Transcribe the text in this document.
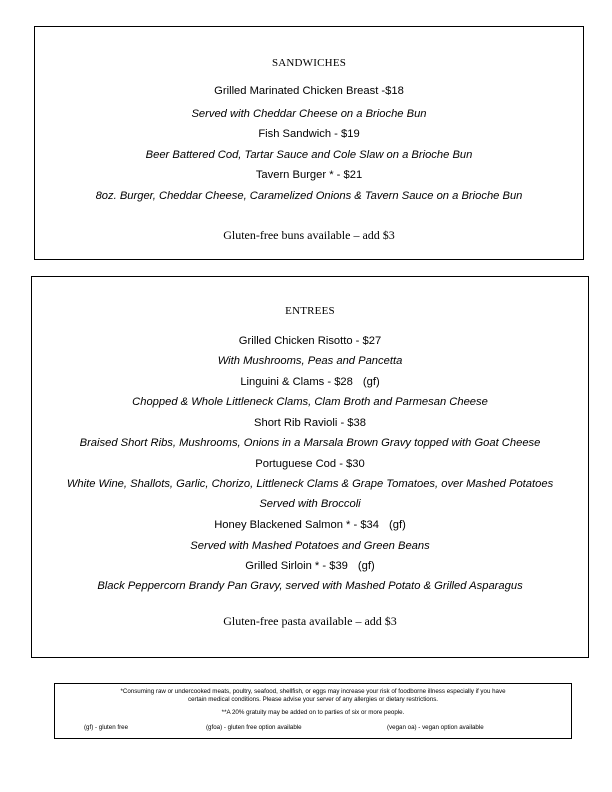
SANDWICHES
Grilled Marinated Chicken Breast -$18
Served with Cheddar Cheese on a Brioche Bun
Fish Sandwich - $19
Beer Battered Cod, Tartar Sauce and Cole Slaw on a Brioche Bun
Tavern Burger * - $21
8oz. Burger, Cheddar Cheese, Caramelized Onions & Tavern Sauce on a Brioche Bun
Gluten-free buns available – add $3
ENTREES
Grilled Chicken Risotto - $27
With Mushrooms, Peas and Pancetta
Linguini & Clams - $28 (gf)
Chopped & Whole Littleneck Clams, Clam Broth and Parmesan Cheese
Short Rib Ravioli - $38
Braised Short Ribs, Mushrooms, Onions in a Marsala Brown Gravy topped with Goat Cheese
Portuguese Cod - $30
White Wine, Shallots, Garlic, Chorizo, Littleneck Clams & Grape Tomatoes, over Mashed Potatoes
Served with Broccoli
Honey Blackened Salmon * - $34 (gf)
Served with Mashed Potatoes and Green Beans
Grilled Sirloin * - $39 (gf)
Black Peppercorn Brandy Pan Gravy, served with Mashed Potato & Grilled Asparagus
Gluten-free pasta available – add $3
*Consuming raw or undercooked meats, poultry, seafood, shellfish, or eggs may increase your risk of foodborne illness especially if you have
certain medical conditions. Please advise your server of any allergies or dietary restrictions.
**A 20% gratuity may be added on to parties of six or more people.
(gf) - gluten free	(gfoa) - gluten free option available	(vegan oa) - vegan option available
